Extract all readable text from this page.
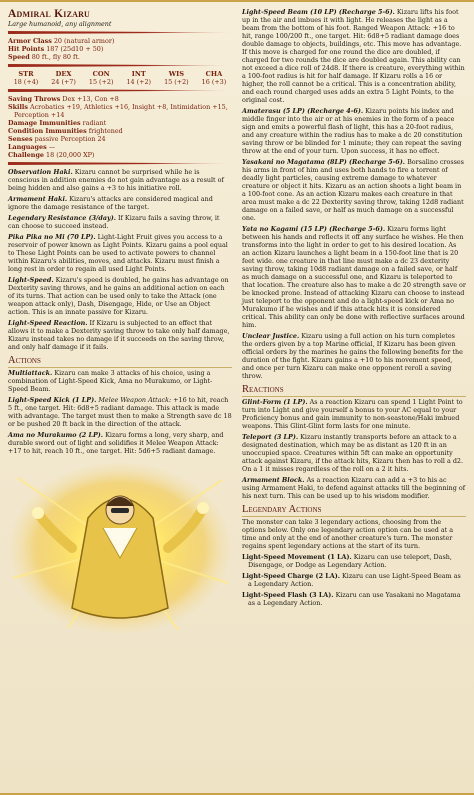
Admiral Kizaru
Large humanoid, any alignment
Armor Class 20 (natural armor)
Hit Points 187 (25d10 + 50)
Speed 80 ft., fly 80 ft.
STR
18 (+4)
DEX
24 (+7)
CON
15 (+2)
INT
14 (+2)
WIS
15 (+2)
CHA
16 (+3)
Saving Throws Dex +13, Con +8
Skills Acrobatics +19, Athletics +16, Insight +8, Intimidation +15, Perception +14
Damage Immunities radiant
Condition Immunities frightened
Senses passive Perception 24
Languages —
Challenge 18 (20,000 XP)

Observation Haki. Kizaru cannot be surprised while he is conscious in addition enemies do not gain advantage as a result of being hidden and also gains a +3 to his initiative roll.

Armament Haki. Kizaru's attacks are considered magical and ignore the damage resistance of the target.

Legendary Resistance (3/day). If Kizaru fails a saving throw, it can choose to succeed instead.

Pika Pika no Mi (70 LP). Light-Light Fruit gives you access to a reservoir of power known as Light Points. Kizaru gains a pool equal to These Light Points can be used to activate powers to channel within Kizaru's abilities, moves, and attacks. Kizaru must finish a long rest in order to regain all used Light Points.

Light-Speed. Kizaru's speed is doubled, he gains has advantage on Dexterity saving throws, and he gains an additional action on each of its turns. That action can be used only to take the Attack (one weapon attack only), Dash, Disengage, Hide, or Use an Object action. This is an innate passive for Kizaru.

Light-Speed Reaction. If Kizaru is subjected to an effect that allows it to make a Dexterity saving throw to take only half damage, Kizaru instead takes no damage if it succeeds on the saving throw, and only half damage if it fails.

Actions

Multiattack. Kizaru can make 3 attacks of his choice, using a combination of Light-Speed Kick, Ama no Murakumo, or Light-Speed Beam.

Light-Speed Kick (1 LP). Melee Weapon Attack: +16 to hit, reach 5 ft., one target. Hit: 6d8+5 radiant damage. This attack is made with advantage. The target must then to make a Strength save dc 18 or be pushed 20 ft back in the direction of the attack.

Ama no Murakumo (2 LP). Kizaru forms a long, very sharp, and durable sword out of light and solidifies it Melee Weapon Attack: +17 to hit, reach 10 ft., one target. Hit: 5d6+5 radiant damage.

Light-Speed Beam (10 LP) (Recharge 5-6). Kizaru lifts his foot up in the air and imbues it with light. He releases the light as a beam from the bottom of his foot. Ranged Weapon Attack: +16 to hit, range 100/200 ft., one target. Hit: 6d8+5 radiant damage does double damage to objects, buildings, etc. This move has advantage. If this move is charged for one round the dice are doubled, if charged for two rounds the dice are doubled again. This ability can not exceed a dice roll of 24d8. If there is creature, everything within a 100-foot radius is hit for half damage. If Kizaru rolls a 16 or higher, the roll cannot be a critical. This is a concentration ability, and each round charged uses adds an extra 5 Light Points, to the original cost.

Amaterasu (5 LP) (Recharge 4-6). Kizaru points his index and middle finger into the air or at his enemies in the form of a peace sign and emits a powerful flash of light, this has a 20-foot radius, and any creature within the radius has to make a dc 20 constitution saving throw or be blinded for 1 minute; they can repeat the saving throw at the end of your turn. Upon success, it has no effect.

Yasakani no Magatama (8LP) (Recharge 5-6). Borsalino crosses his arms in front of him and uses both hands to fire a torrent of deadly light particles, causing extreme damage to whatever creature or object it hits. Kizaru as an action shoots a light beam in a 100-foot cone. As an action Kizaru makes each creature in that area must make a dc 22 Dexterity saving throw, taking 12d8 radiant damage on a failed save, or half as much damage on a successful one.

Yata no Kagami (15 LP) (Recharge 5-6). Kizaru forms light between his hands and reflects it off any surface he wishes. He then transforms into the light in order to get to his desired location. As an action Kizaru launches a light beam in a 150-foot line that is 20 feet wide. one creature in that line must make a dc 23 dexterity saving throw, taking 10d8 radiant damage on a failed save, or half as much damage on a successful one, and Kizaru is teleported to that location. The creature also has to make a dc 20 strength save or be knocked prone. Instead of attacking Kizaru can choose to instead just teleport to the opponent and do a light-speed kick or Ama no Murakumo if he wishes and if this attack hits it is considered critical. This ability can only be done with reflective surfaces around him.

Unclear Justice. Kizaru using a full action on his turn completes the orders given by a top Marine official, If Kizaru has been given official orders by the marines he gains the following benefits for the duration of the fight. Kizaru gains a +10 to his movement speed, and once per turn Kizaru can make one opponent reroll a saving throw.

Reactions

Glint-Form (1 LP). As a reaction Kizaru can spend 1 Light Point to turn into Light and give yourself a bonus to your AC equal to your Proficiency bonus and gain immunity to non-seastone/Haki imbued weapons. This Glint-Glint form lasts for one minute.

Teleport (3 LP). Kizaru instantly transports before an attack to a designated destination, which may be as distant as 120 ft in an unoccupied space. Creatures within 5ft can make an opportunity attack against Kizaru, if the attack hits, Kizaru then has to roll a d2. On a 1 it misses regardless of the roll on a 2 it hits.

Armament Block. As a reaction Kizaru can add a +3 to his ac using Armament Haki, to defend against attacks till the beginning of his next turn. This can be used up to his wisdom modifier.

Legendary Actions

The monster can take 3 legendary actions, choosing from the options below. Only one legendary action option can be used at a time and only at the end of another creature's turn. The monster regains spent legendary actions at the start of its turn.

Light-Speed Movement (1 LA). Kizaru can use teleport, Dash, Disengage, or Dodge as Legendary Action.

Light-Speed Charge (2 LA). Kizaru can use Light-Speed Beam as a Legendary Action.

Light-Speed Flash (3 LA). Kizaru can use Yasakani no Magatama as a Legendary Action.
